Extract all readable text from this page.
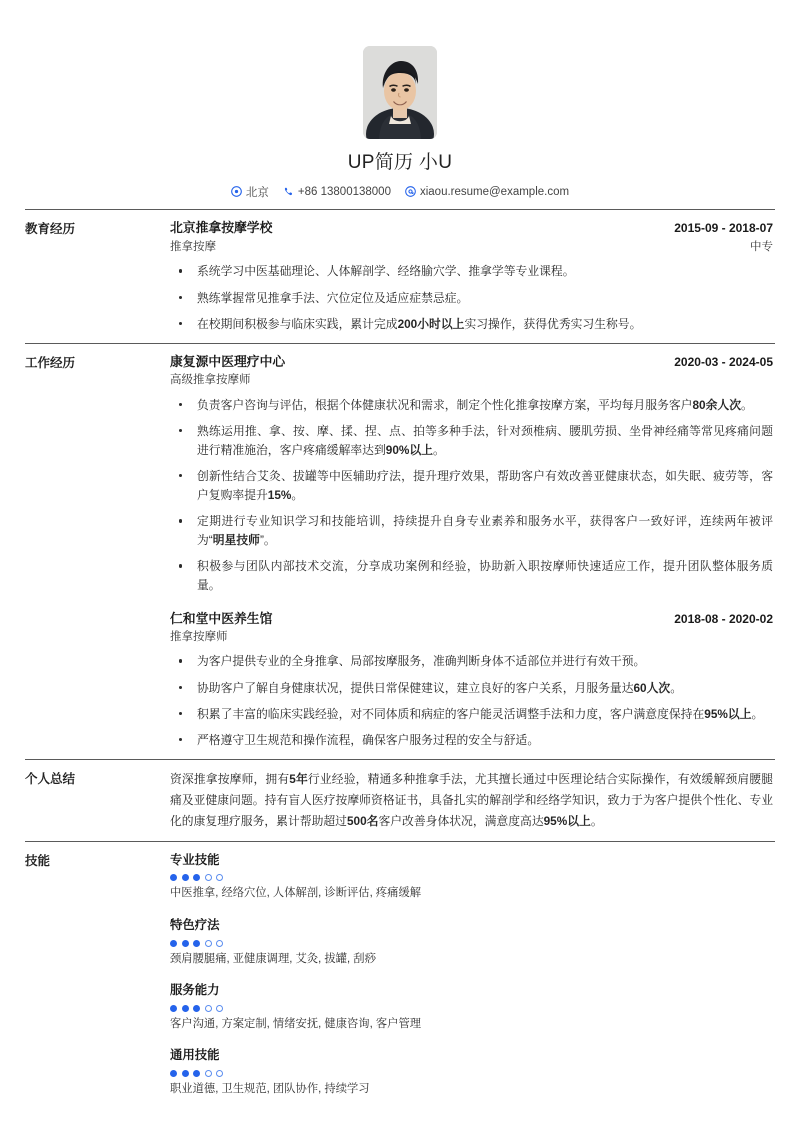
UP简历 小U
北京	+86 13800138000	xiaou.resume@example.com
教育经历	北京推拿按摩学校	2015-09 - 2018-07
推拿按摩	中专
系统学习中医基础理论、人体解剖学、经络腧穴学、推拿学等专业课程。
熟练掌握常见推拿手法、穴位定位及适应症禁忌症。
在校期间积极参与临床实践，累计完成200小时以上实习操作，获得优秀实习生称号。
工作经历	康复源中医理疗中心	2020-03 - 2024-05
高级推拿按摩师
负责客户咨询与评估，根据个体健康状况和需求，制定个性化推拿按摩方案，平均每月服务客户80余人次。
熟练运用推、拿、按、摩、揉、捏、点、拍等多种手法，针对颈椎病、腰肌劳损、坐骨神经痛等常见疼痛问题进行精准施治，客户疼痛缓解率达到90%以上。
创新性结合艾灸、拔罐等中医辅助疗法，提升理疗效果，帮助客户有效改善亚健康状态，如失眠、疲劳等，客户复购率提升15%。
定期进行专业知识学习和技能培训，持续提升自身专业素养和服务水平，获得客户一致好评，连续两年被评为“明星技师”。
积极参与团队内部技术交流，分享成功案例和经验，协助新入职按摩师快速适应工作，提升团队整体服务质量。
仁和堂中医养生馆	2018-08 - 2020-02
推拿按摩师
为客户提供专业的全身推拿、局部按摩服务，准确判断身体不适部位并进行有效干预。
协助客户了解自身健康状况，提供日常保健建议，建立良好的客户关系，月服务量达60人次。
积累了丰富的临床实践经验，对不同体质和病症的客户能灵活调整手法和力度，客户满意度保持在95%以上。
严格遵守卫生规范和操作流程，确保客户服务过程的安全与舒适。
个人总结	资深推拿按摩师，拥有5年行业经验，精通多种推拿手法，尤其擅长通过中医理论结合实际操作，有效缓解颈肩腰腿痛及亚健康问题。持有盲人医疗按摩师资格证书，具备扎实的解剖学和经络学知识，致力于为客户提供个性化、专业化的康复理疗服务，累计帮助超过500名客户改善身体状况，满意度高达95%以上。
技能	专业技能
中医推拿, 经络穴位, 人体解剖, 诊断评估, 疼痛缓解
特色疗法
颈肩腰腿痛, 亚健康调理, 艾灸, 拔罐, 刮痧
服务能力
客户沟通, 方案定制, 情绪安抚, 健康咨询, 客户管理
通用技能
职业道德, 卫生规范, 团队协作, 持续学习
